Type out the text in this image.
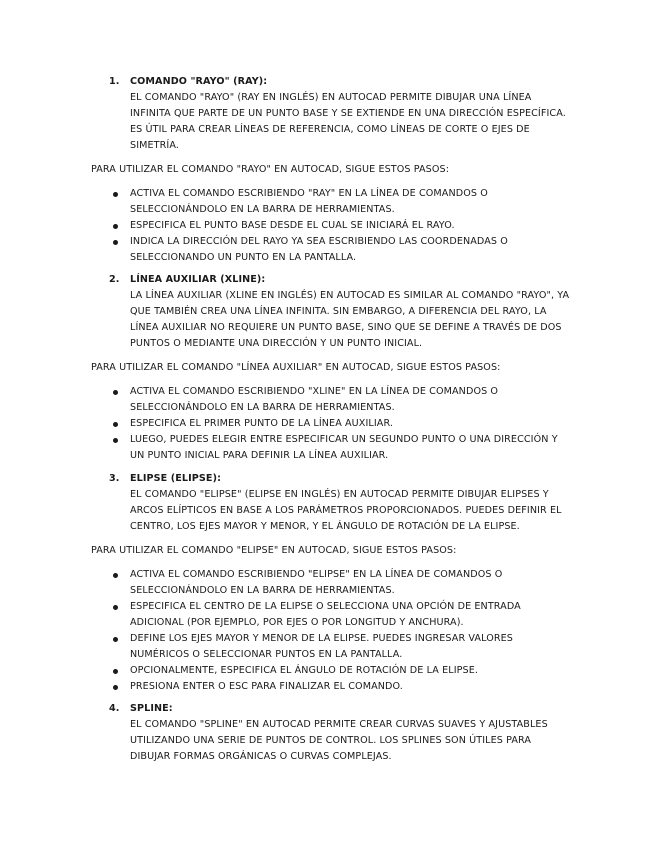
1.	COMANDO "RAYO" (RAY):
EL COMANDO "RAYO" (RAY EN INGLÉS) EN AUTOCAD PERMITE DIBUJAR UNA LÍNEA INFINITA QUE PARTE DE UN PUNTO BASE Y SE EXTIENDE EN UNA DIRECCIÓN ESPECÍFICA. ES ÚTIL PARA CREAR LÍNEAS DE REFERENCIA, COMO LÍNEAS DE CORTE O EJES DE SIMETRÍA.
PARA UTILIZAR EL COMANDO "RAYO" EN AUTOCAD, SIGUE ESTOS PASOS:
ACTIVA EL COMANDO ESCRIBIENDO "RAY" EN LA LÍNEA DE COMANDOS O SELECCIONÁNDOLO EN LA BARRA DE HERRAMIENTAS.
ESPECIFICA EL PUNTO BASE DESDE EL CUAL SE INICIARÁ EL RAYO.
INDICA LA DIRECCIÓN DEL RAYO YA SEA ESCRIBIENDO LAS COORDENADAS O SELECCIONANDO UN PUNTO EN LA PANTALLA.
2.	LÍNEA AUXILIAR (XLINE):
LA LÍNEA AUXILIAR (XLINE EN INGLÉS) EN AUTOCAD ES SIMILAR AL COMANDO "RAYO", YA QUE TAMBIÉN CREA UNA LÍNEA INFINITA. SIN EMBARGO, A DIFERENCIA DEL RAYO, LA LÍNEA AUXILIAR NO REQUIERE UN PUNTO BASE, SINO QUE SE DEFINE A TRAVÉS DE DOS PUNTOS O MEDIANTE UNA DIRECCIÓN Y UN PUNTO INICIAL.
PARA UTILIZAR EL COMANDO "LÍNEA AUXILIAR" EN AUTOCAD, SIGUE ESTOS PASOS:
ACTIVA EL COMANDO ESCRIBIENDO "XLINE" EN LA LÍNEA DE COMANDOS O SELECCIONÁNDOLO EN LA BARRA DE HERRAMIENTAS.
ESPECIFICA EL PRIMER PUNTO DE LA LÍNEA AUXILIAR.
LUEGO, PUEDES ELEGIR ENTRE ESPECIFICAR UN SEGUNDO PUNTO O UNA DIRECCIÓN Y UN PUNTO INICIAL PARA DEFINIR LA LÍNEA AUXILIAR.
3.	ELIPSE (ELIPSE):
EL COMANDO "ELIPSE" (ELIPSE EN INGLÉS) EN AUTOCAD PERMITE DIBUJAR ELIPSES Y ARCOS ELÍPTICOS EN BASE A LOS PARÁMETROS PROPORCIONADOS. PUEDES DEFINIR EL CENTRO, LOS EJES MAYOR Y MENOR, Y EL ÁNGULO DE ROTACIÓN DE LA ELIPSE.
PARA UTILIZAR EL COMANDO "ELIPSE" EN AUTOCAD, SIGUE ESTOS PASOS:
ACTIVA EL COMANDO ESCRIBIENDO "ELIPSE" EN LA LÍNEA DE COMANDOS O SELECCIONÁNDOLO EN LA BARRA DE HERRAMIENTAS.
ESPECIFICA EL CENTRO DE LA ELIPSE O SELECCIONA UNA OPCIÓN DE ENTRADA ADICIONAL (POR EJEMPLO, POR EJES O POR LONGITUD Y ANCHURA).
DEFINE LOS EJES MAYOR Y MENOR DE LA ELIPSE. PUEDES INGRESAR VALORES NUMÉRICOS O SELECCIONAR PUNTOS EN LA PANTALLA.
OPCIONALMENTE, ESPECIFICA EL ÁNGULO DE ROTACIÓN DE LA ELIPSE.
PRESIONA ENTER O ESC PARA FINALIZAR EL COMANDO.
4.	SPLINE:
EL COMANDO "SPLINE" EN AUTOCAD PERMITE CREAR CURVAS SUAVES Y AJUSTABLES UTILIZANDO UNA SERIE DE PUNTOS DE CONTROL. LOS SPLINES SON ÚTILES PARA DIBUJAR FORMAS ORGÁNICAS O CURVAS COMPLEJAS.
